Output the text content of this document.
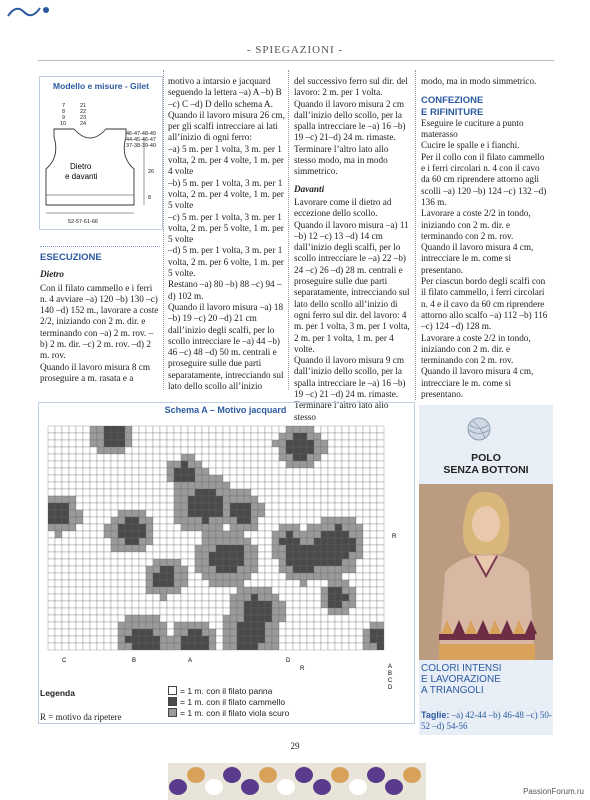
- SPIEGAZIONI -
Modello e misure - Gilet
7
8
9
10
21
22
23
24
46-47-48-49
44-45-46-47
37-38-39-40
26
8
52-57-61-66
Dietro
e davanti

ESECUZIONE

Dietro

Con il filato cammello e i ferri n. 4 avviare –a) 120 –b) 130 –c) 140 –d) 152 m., lavorare a coste 2/2, iniziando con 2 m. dir. e terminando con –a) 2 m. rov. –b) 2 m. dir. –c) 2 m. rov. –d) 2 m. rov.
Quando il lavoro misura 8 cm proseguire a m. rasata e a

motivo a intarsio e jacquard seguendo la lettera –a) A –b) B –c) C –d) D dello schema A.
Quando il lavoro misura 26 cm, per gli scalfi intrecciare ai lati all’inizio di ogni ferro:
–a) 5 m. per 1 volta, 3 m. per 1 volta, 2 m. per 4 volte, 1 m. per 4 volte
–b) 5 m. per 1 volta, 3 m. per 1 volta, 2 m. per 4 volte, 1 m. per 5 volte
–c) 5 m. per 1 volta, 3 m. per 1 volta, 2 m. per 5 volte, 1 m. per 5 volte
–d) 5 m. per 1 volta, 3 m. per 1 volta, 2 m. per 6 volte, 1 m. per 5 volte.
Restano –a) 80 –b) 88 –c) 94 –d) 102 m.
Quando il lavoro misura –a) 18 –b) 19 –c) 20 –d) 21 cm dall’inizio degli scalfi, per lo scollo intrecciare le –a) 44 –b) 46 –c) 48 –d) 50 m. centrali e proseguire sulle due parti separatamente, intrecciando sul lato dello scollo all’inizio

del successivo ferro sul dir. del lavoro: 2 m. per 1 volta.
Quando il lavoro misura 2 cm dall’inizio dello scollo, per la spalla intrecciare le –a) 16 –b) 19 –c) 21–d) 24 m. rimaste.
Terminare l’altro lato allo stesso modo, ma in modo simmetrico.

Davanti

Lavorare come il dietro ad eccezione dello scollo.
Quando il lavoro misura –a) 11 –b) 12 –c) 13 –d) 14 cm dall’inizio degli scalfi, per lo scollo intrecciare le –a) 22 –b) 24 –c) 26 –d) 28 m. centrali e proseguire sulle due parti separatamente, intrecciando sul lato dello scollo all’inizio di ogni ferro sul dir. del lavoro: 4 m. per 1 volta, 3 m. per 1 volta, 2 m. per 1 volta, 1 m. per 4 volte.
Quando il lavoro misura 9 cm dall’inizio dello scollo, per la spalla intrecciare le –a) 16 –b) 19 –c) 21 –d) 24 m. rimaste.
Terminare l’altro lato allo stesso

modo, ma in modo simmetrico.

CONFEZIONE
E RIFINITURE

Eseguire le cuciture a punto materasso
Cucire le spalle e i fianchi.
Per il collo con il filato cammello e i ferri circolari n. 4 con il cavo da 60 cm riprendere attorno agli scolli –a) 120 –b) 124 –c) 132 –d) 136 m.
Lavorare a coste 2/2 in tondo, iniziando con 2 m. dir. e terminando con 2 m. rov.
Quando il lavoro misura 4 cm, intrecciare le m. come si presentano.
Per ciascun bordo degli scalfi con il filato cammello, i ferri circolari n. 4 e il cavo da 60 cm riprendere attorno allo scalfo –a) 112 –b) 116 –c) 124 –d) 128 m.
Lavorare a coste 2/2 in tondo, iniziando con 2 m. dir. e terminando con 2 m. rov.
Quando il lavoro misura 4 cm, intrecciare le m. come si presentano.

Schema A – Motivo jacquard
C	B	A	D
R
R	A
B
C
D
Legenda
R = motivo da ripetere
= 1 m. con il filato panna
= 1 m. con il filato cammello
= 1 m. con il filato viola scuro
POLO
SENZA BOTTONI
COLORI INTENSI
E LAVORAZIONE
A TRIANGOLI
Taglie: –a) 42-44 –b) 46-48 –c) 50-52 –d) 54-56
29
PassionForum.ru
